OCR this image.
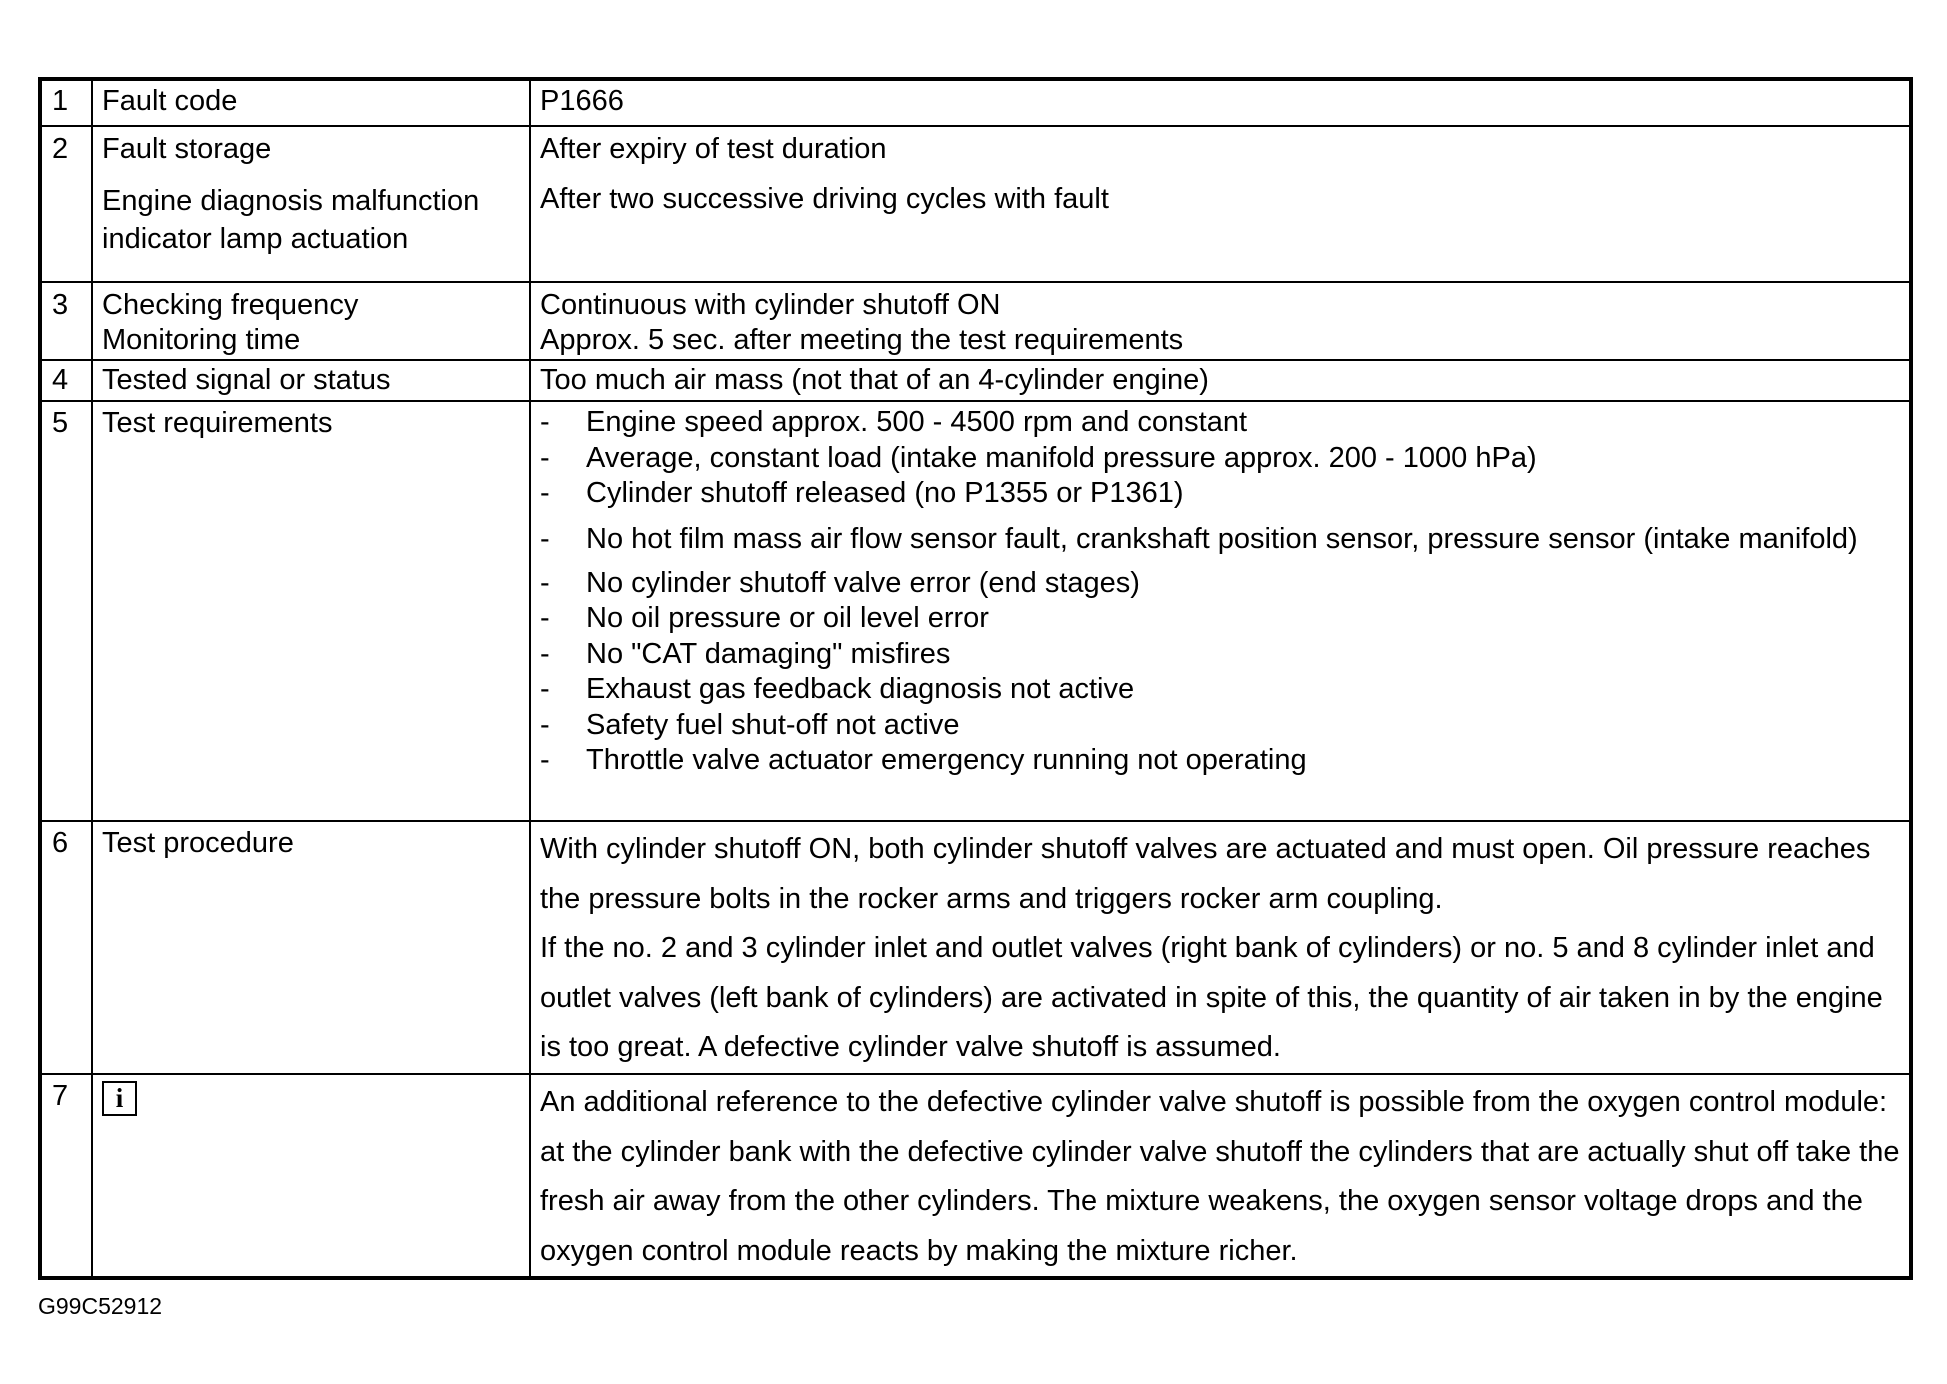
1 Fault code	P1666
2 Fault storage
Engine diagnosis malfunction
indicator lamp actuation
After expiry of test duration
After two successive driving cycles with fault
3 Checking frequency
Monitoring time
Continuous with cylinder shutoff ON
Approx. 5 sec. after meeting the test requirements
4 Tested signal or status	Too much air mass (not that of an 4-cylinder engine)
5 Test requirements
-	Engine speed approx. 500 - 4500 rpm and constant
- Average, constant load (intake manifold pressure approx. 200 - 1000 hPa)
- Cylinder shutoff released (no P1355 or P1361)
- No hot film mass air flow sensor fault, crankshaft position sensor, pressure sensor (intake manifold)
- No cylinder shutoff valve error (end stages)
- No oil pressure or oil level error
- No "CAT damaging" misfires
- Exhaust gas feedback diagnosis not active
- Safety fuel shut-off not active
- Throttle valve actuator emergency running not operating
6 Test procedure	With cylinder shutoff ON, both cylinder shutoff valves are actuated and must open. Oil pressure reaches the pressure bolts in the rocker arms and triggers rocker arm coupling.

If the no. 2 and 3 cylinder inlet and outlet valves (right bank of cylinders) or no. 5 and 8 cylinder inlet and outlet valves (left bank of cylinders) are activated in spite of this, the quantity of air taken in by the engine is too great. A defective cylinder valve shutoff is assumed.

7	i	An additional reference to the defective cylinder valve shutoff is possible from the oxygen control module: at the cylinder bank with the defective cylinder valve shutoff the cylinders that are actually shut off take the fresh air away from the other cylinders. The mixture weakens, the oxygen sensor voltage drops and the oxygen control module reacts by making the mixture richer.

G99C52912
